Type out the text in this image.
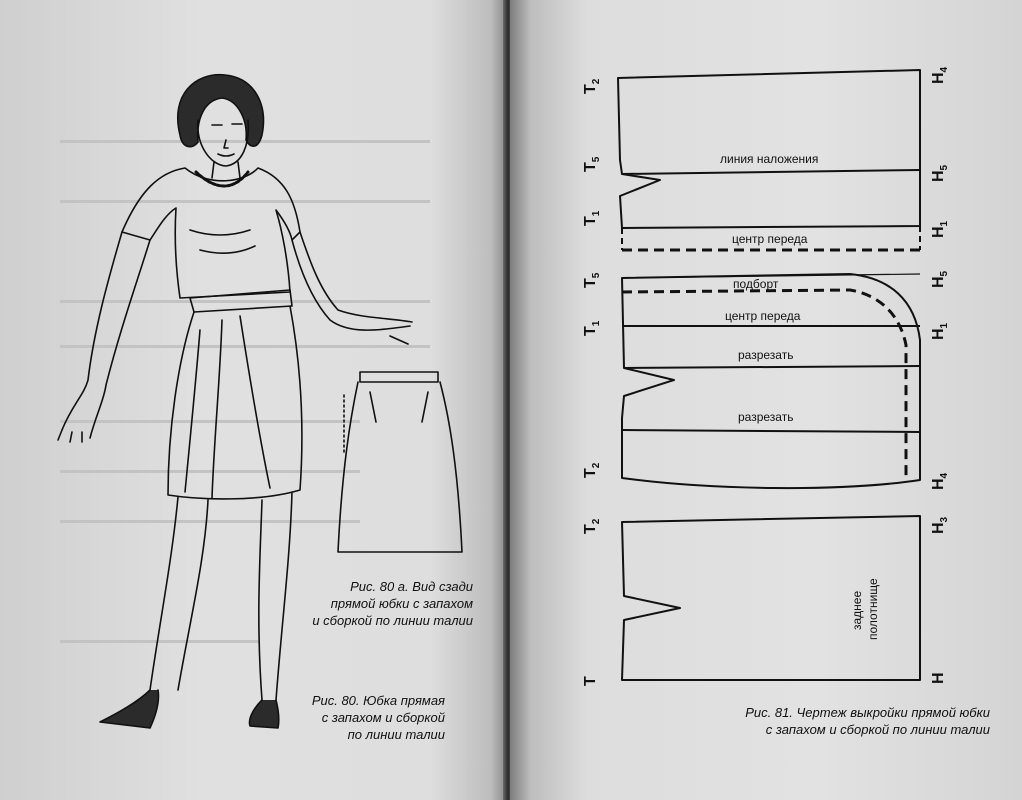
Рис. 80 а. Вид сзади
прямой юбки с запахом
и сборкой по линии талии
Рис. 80. Юбка прямая
с запахом и сборкой
по линии талии
линия наложения
центр переда
подборт
центр переда
разрезать
разрезать
заднее полотнище
$T_2$
$T_5$
$T_1$
$T_5$
$T_1$
$T_2$
$T_2$
T
$H_4$
$H_5$
$H_1$
$H_5$
$H_1$
$H_4$
$H_3$
H
Рис. 81. Чертеж выкройки прямой юбки
с запахом и сборкой по линии талии
